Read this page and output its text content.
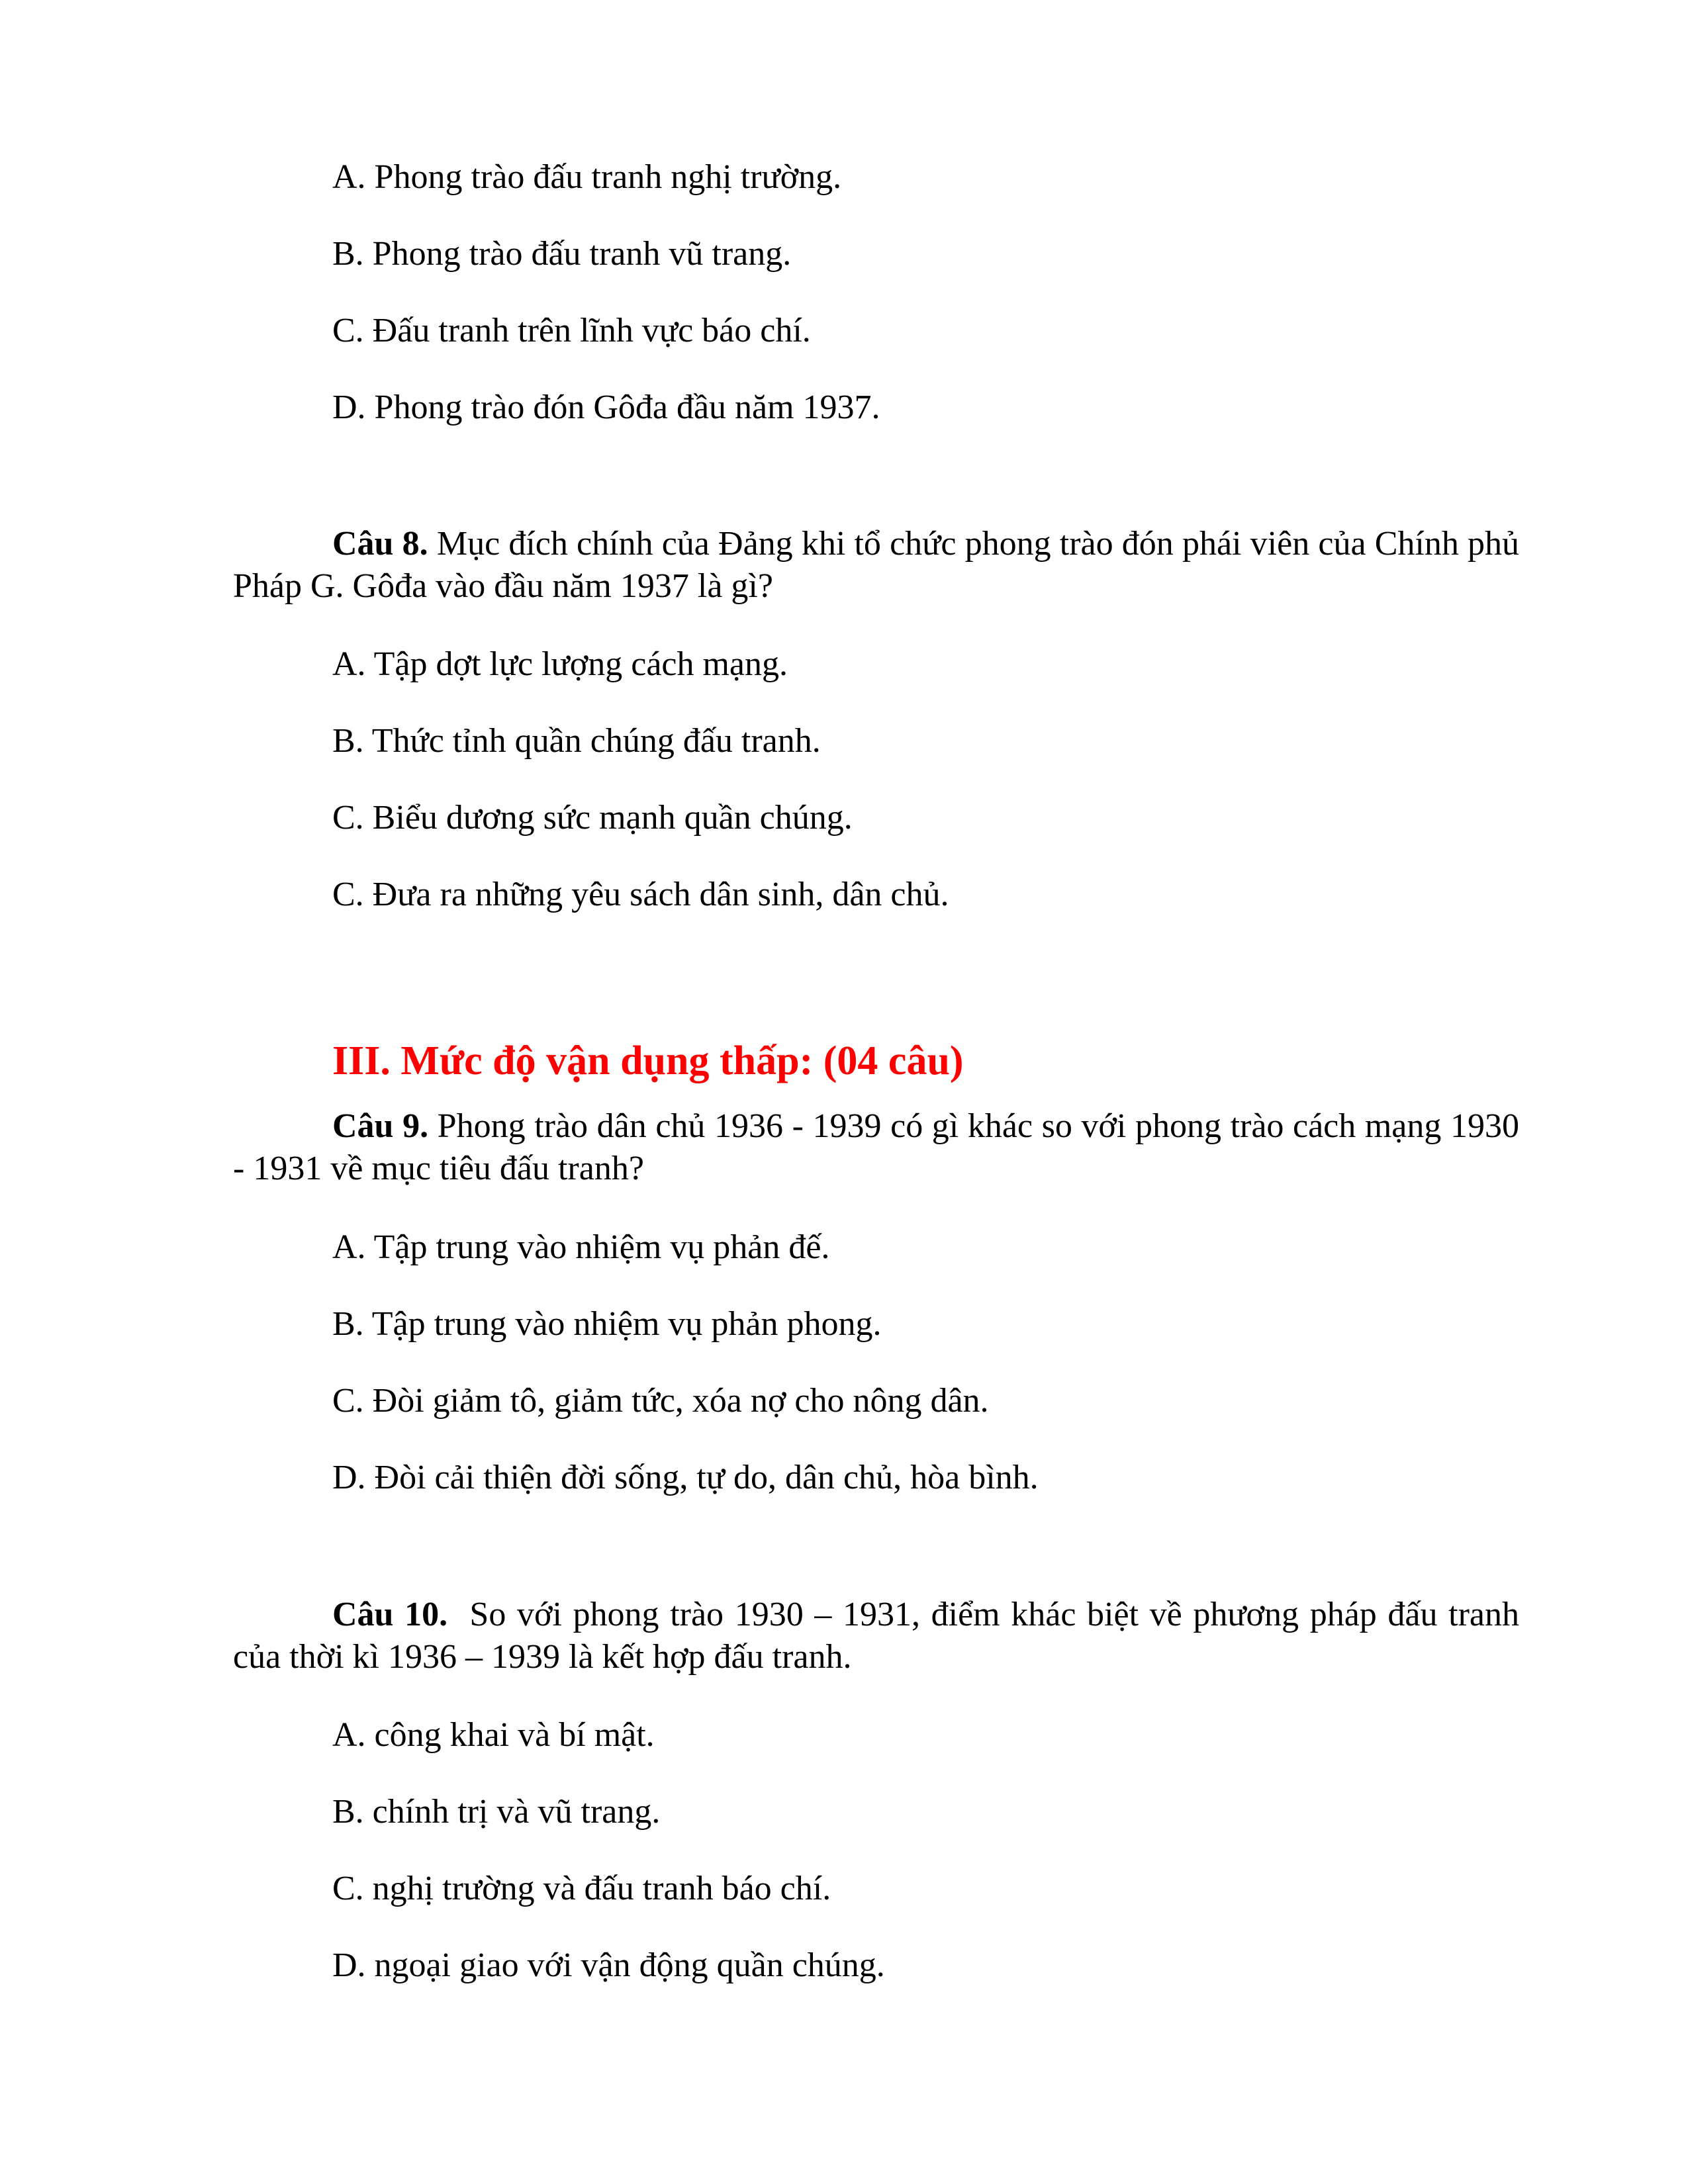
A. Phong trào đấu tranh nghị trường.
B. Phong trào đấu tranh vũ trang.
C. Đấu tranh trên lĩnh vực báo chí.
D. Phong trào đón Gôđa đầu năm 1937.
Câu 8. Mục đích chính của Đảng khi tổ chức phong trào đón phái viên của Chính phủ Pháp G. Gôđa vào đầu năm 1937 là gì?
A. Tập dợt lực lượng cách mạng.
B. Thức tỉnh quần chúng đấu tranh.
C. Biểu dương sức mạnh quần chúng.
C. Đưa ra những yêu sách dân sinh, dân chủ.
III. Mức độ vận dụng thấp: (04 câu)
Câu 9. Phong trào dân chủ 1936 - 1939 có gì khác so với phong trào cách mạng 1930 - 1931 về mục tiêu đấu tranh?
A. Tập trung vào nhiệm vụ phản đế.
B. Tập trung vào nhiệm vụ phản phong.
C. Đòi giảm tô, giảm tức, xóa nợ cho nông dân.
D. Đòi cải thiện đời sống, tự do, dân chủ, hòa bình.
Câu 10.  So với phong trào 1930 – 1931, điểm khác biệt về phương pháp đấu tranh của thời kì 1936 – 1939 là kết hợp đấu tranh.
A. công khai và bí mật.
B. chính trị và vũ trang.
C. nghị trường và đấu tranh báo chí.
D. ngoại giao với vận động quần chúng.
